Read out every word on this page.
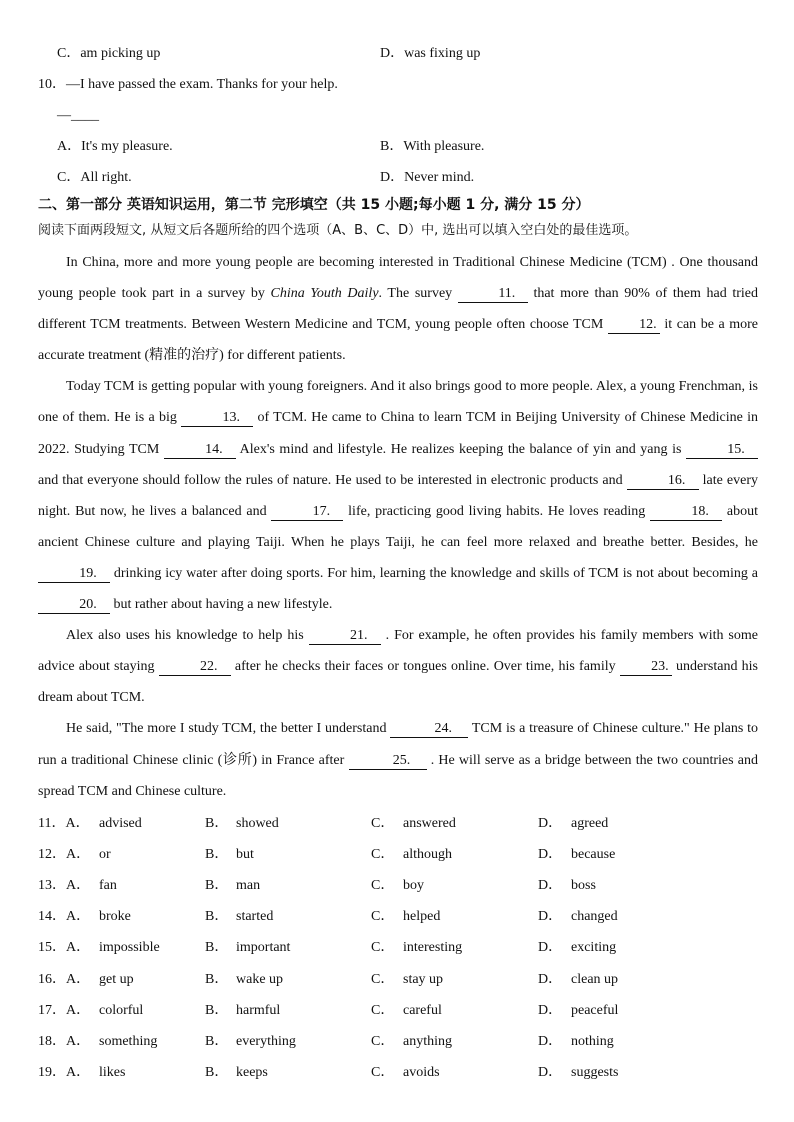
C．am picking up	D．was fixing up
10．—I have passed the exam. Thanks for your help.
—____
A．It's my pleasure.	B．With pleasure.
C．All right.	D．Never mind.
二、第一部分 英语知识运用，第二节 完形填空（共 15 小题;每小题 1 分, 满分 15 分）
阅读下面两段短文, 从短文后各题所给的四个选项（A、B、C、D）中, 选出可以填入空白处的最佳选项。

In China, more and more young people are becoming interested in Traditional Chinese Medicine (TCM) . One thousand young people took part in a survey by China Youth Daily. The survey	11. that more than 90% of them had tried different TCM treatments. Between Western Medicine and TCM, young people often choose TCM 12. it can be a more accurate treatment (精准的治疗) for different patients.

Today TCM is getting popular with young foreigners. And it also brings good to more people. Alex, a young Frenchman, is one of them. He is a big	13. of TCM. He came to China to learn TCM in Beijing University of Chinese Medicine in 2022. Studying TCM	14. Alex's mind and lifestyle. He realizes keeping the balance of yin and yang is	15. and that everyone should follow the rules of nature. He used to be interested in electronic products and	16. late every night. But now, he lives a balanced and	17. life, practicing good living habits. He loves reading	18. about ancient Chinese culture and playing Taiji. When he plays Taiji, he can feel more relaxed and breathe better. Besides, he 19. drinking icy water after doing sports. For him, learning the knowledge and skills of TCM is not about becoming a 20. but rather about having a new lifestyle.

Alex also uses his knowledge to help his	21. . For example, he often provides his family members with some advice about staying	22. after he checks their faces or tongues online. Over time, his family 23. understand his dream about TCM.

He said, "The more I study TCM, the better I understand	24. TCM is a treasure of Chinese culture." He plans to run a traditional Chinese clinic (诊所) in France after	25. . He will serve as a bridge between the two countries and spread TCM and Chinese culture.

11．A． advised	B． showed	C． answered	D． agreed
12．A． or	B． but	C． although	D． because
13．A． fan	B． man	C． boy	D． boss
14．A． broke	B． started	C． helped	D． changed
15．A． impossible	B． important	C． interesting	D． exciting
16．A． get up	B． wake up	C． stay up	D． clean up
17．A． colorful	B． harmful	C． careful	D． peaceful
18．A． something	B． everything	C． anything	D． nothing
19．A． likes	B． keeps	C． avoids	D． suggests
